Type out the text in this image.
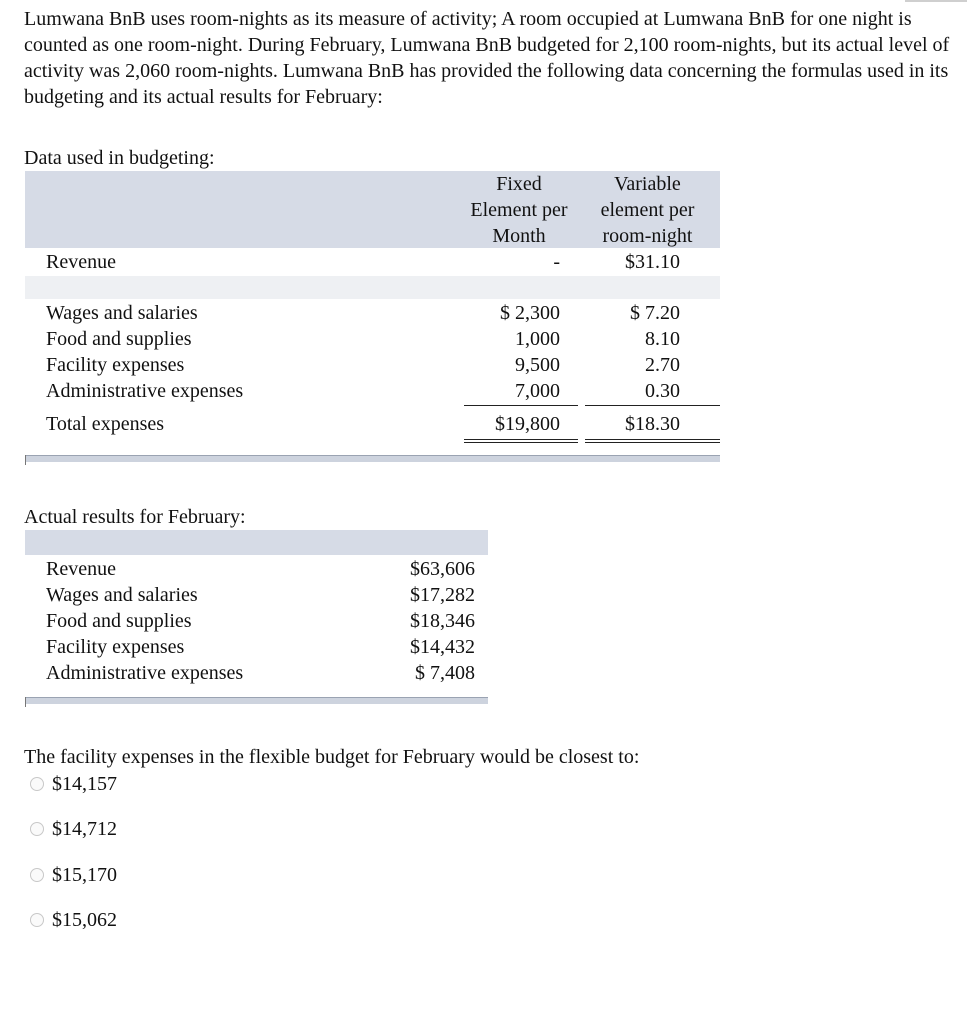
Lumwana BnB uses room-nights as its measure of activity; A room occupied at Lumwana BnB for one night is counted as one room-night. During February, Lumwana BnB budgeted for 2,100 room-nights, but its actual level of activity was 2,060 room-nights. Lumwana BnB has provided the following data concerning the formulas used in its budgeting and its actual results for February:

Data used in budgeting:

Fixed
Element per
Month
Variable
element per
room-night
Revenue	-	$31.10
Wages and salaries	$ 2,300	$ 7.20
Food and supplies	1,000	8.10
Facility expenses	9,500	2.70
Administrative expenses	7,000	0.30
Total expenses	$19,800	$18.30

Actual results for February:

Revenue	$63,606
Wages and salaries	$17,282
Food and supplies	$18,346
Facility expenses	$14,432
Administrative expenses	$ 7,408
The facility expenses in the flexible budget for February would be closest to:
$14,157
$14,712
$15,170
$15,062
